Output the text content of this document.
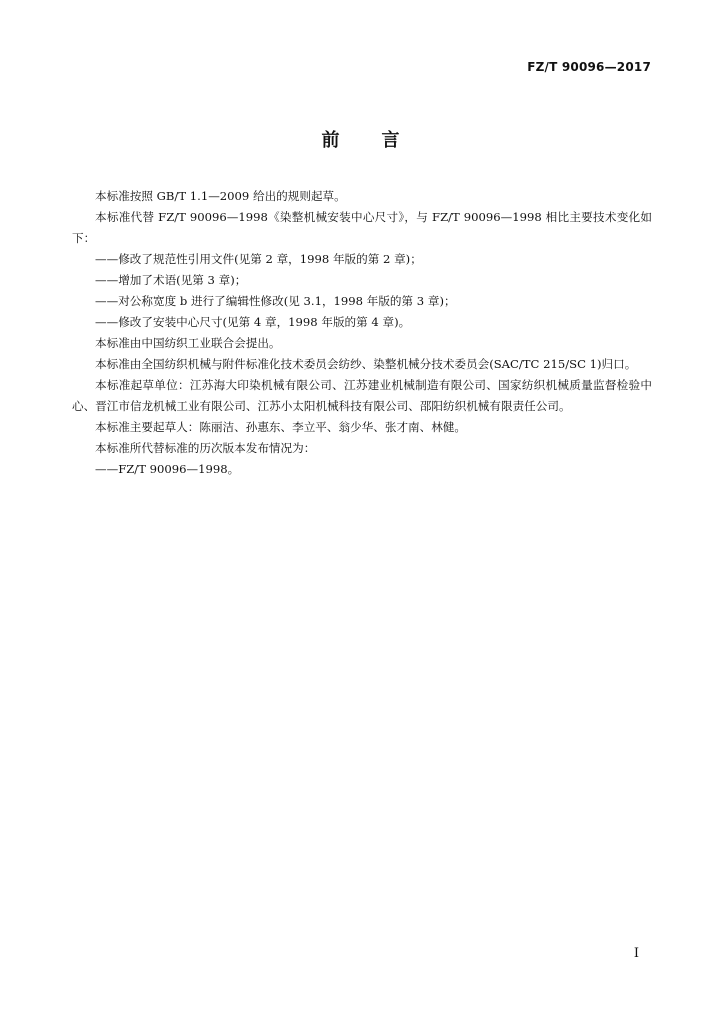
FZ/T 90096—2017
前 言

本标准按照 GB/T 1.1—2009 给出的规则起草。

本标准代替 FZ/T 90096—1998《染整机械安装中心尺寸》，与 FZ/T 90096—1998 相比主要技术变化如下：

——修改了规范性引用文件(见第 2 章，1998 年版的第 2 章)；

——增加了术语(见第 3 章)；

——对公称宽度 b 进行了编辑性修改(见 3.1，1998 年版的第 3 章)；

——修改了安装中心尺寸(见第 4 章，1998 年版的第 4 章)。

本标准由中国纺织工业联合会提出。

本标准由全国纺织机械与附件标准化技术委员会纺纱、染整机械分技术委员会(SAC/TC 215/SC 1)归口。

本标准起草单位：江苏海大印染机械有限公司、江苏建业机械制造有限公司、国家纺织机械质量监督检验中心、晋江市信龙机械工业有限公司、江苏小太阳机械科技有限公司、邵阳纺织机械有限责任公司。

本标准主要起草人：陈丽洁、孙惠东、李立平、翁少华、张才南、林健。

本标准所代替标准的历次版本发布情况为：

——FZ/T 90096—1998。

I
